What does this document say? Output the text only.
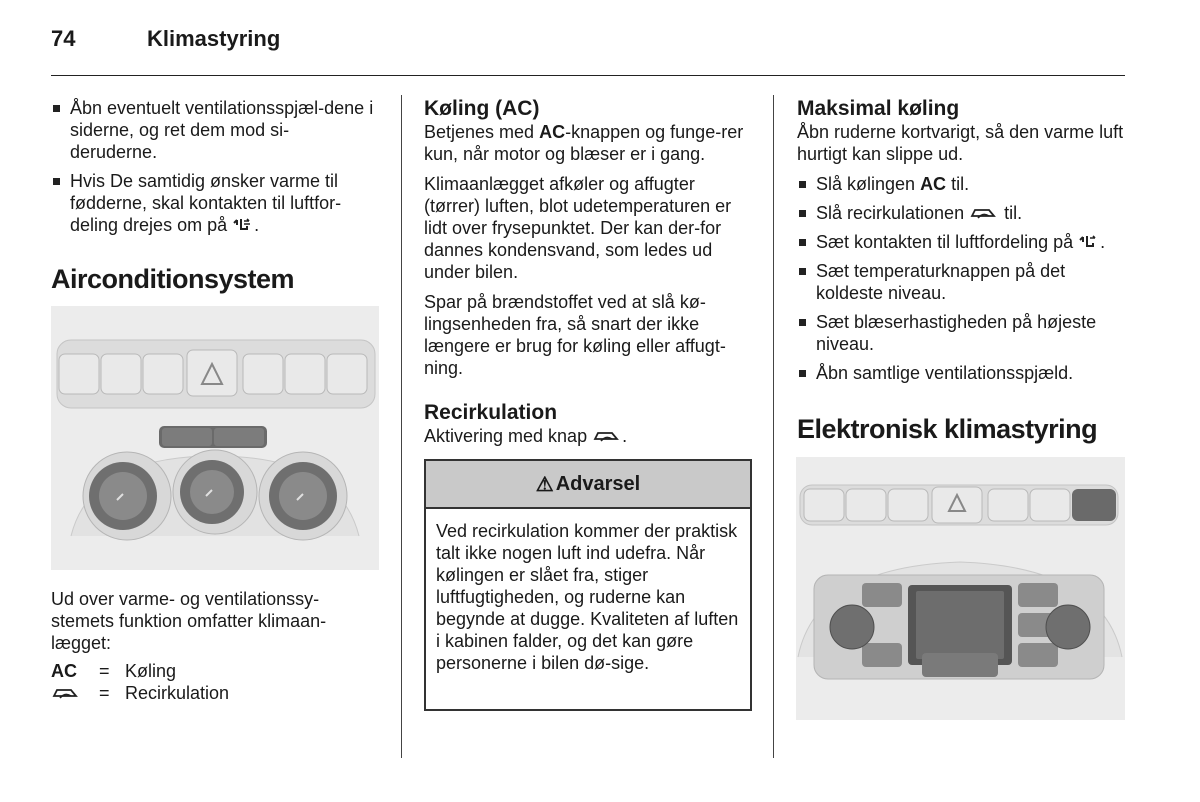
74	Klimastyring
Åbn eventuelt ventilationsspjæl-dene i siderne, og ret dem mod si-deruderne.
Hvis De samtidig ønsker varme til fødderne, skal kontakten til luftfor-deling drejes om på .
Airconditionsystem

Ud over varme- og ventilationssy-stemets funktion omfatter klimaan-lægget:

AC	= Køling
= Recirkulation
Køling (AC)

Betjenes med AC-knappen og funge-rer kun, når motor og blæser er i gang.

Klimaanlægget afkøler og affugter (tørrer) luften, blot udetemperaturen er lidt over frysepunktet. Der kan der-for dannes kondensvand, som ledes ud under bilen.

Spar på brændstoffet ved at slå kø-lingsenheden fra, så snart der ikke længere er brug for køling eller affugt-ning.

Recirkulation

Aktivering med knap .

⚠ Advarsel
Ved recirkulation kommer der praktisk talt ikke nogen luft ind udefra. Når kølingen er slået fra, stiger luftfugtigheden, og ruderne kan begynde at dugge. Kvaliteten af luften i kabinen falder, og det kan gøre personerne i bilen dø-sige.
Maksimal køling

Åbn ruderne kortvarigt, så den varme luft hurtigt kan slippe ud.

Slå kølingen AC til.
Slå recirkulationen  til.
Sæt kontakten til luftfordeling på .
Sæt temperaturknappen på det koldeste niveau.
Sæt blæserhastigheden på højeste niveau.
Åbn samtlige ventilationsspjæld.
Elektronisk klimastyring
